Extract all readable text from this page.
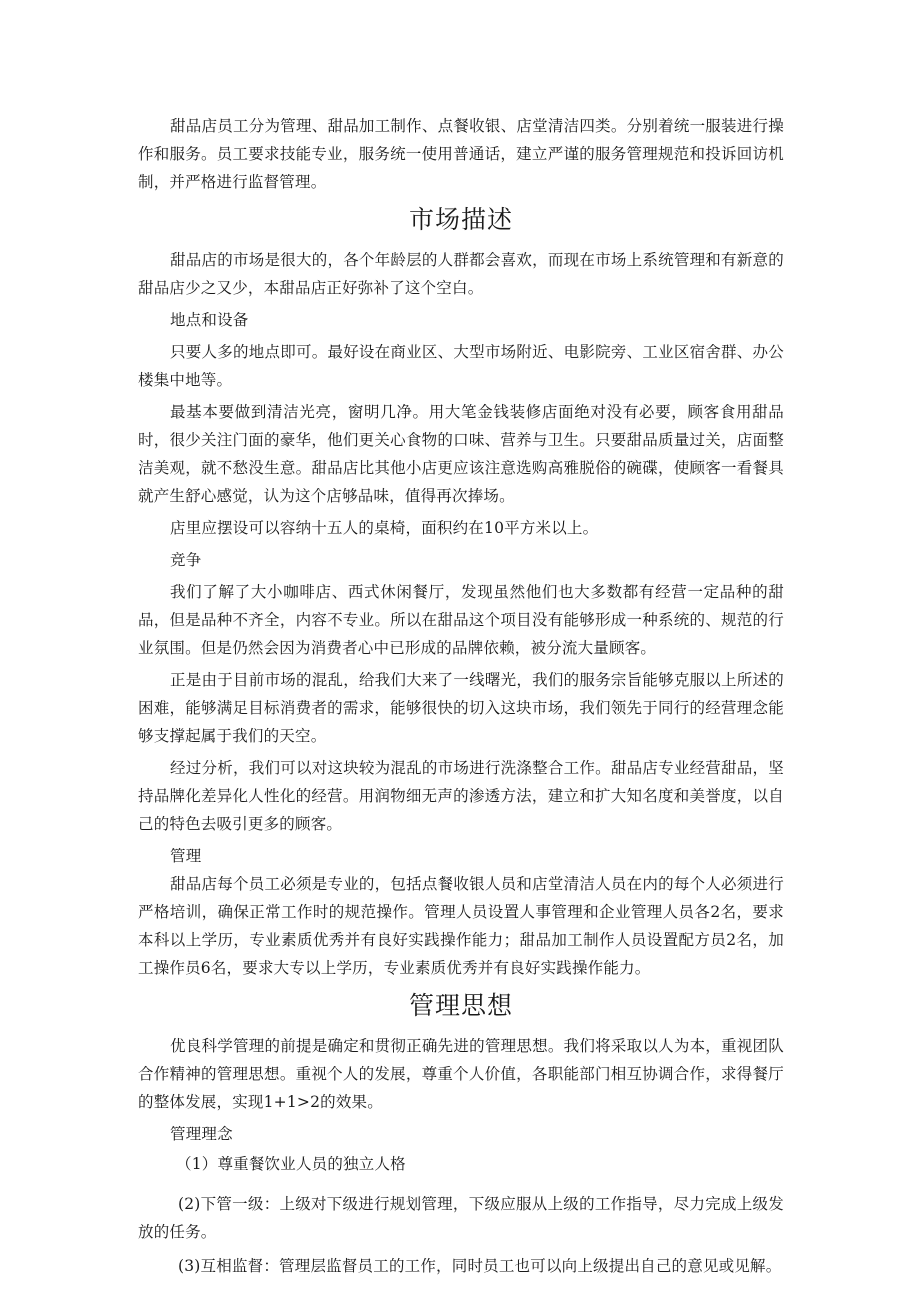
甜品店员工分为管理、甜品加工制作、点餐收银、店堂清洁四类。分别着统一服装进行操作和服务。员工要求技能专业，服务统一使用普通话，建立严谨的服务管理规范和投诉回访机制，并严格进行监督管理。

市场描述

甜品店的市场是很大的，各个年龄层的人群都会喜欢，而现在市场上系统管理和有新意的甜品店少之又少，本甜品店正好弥补了这个空白。

地点和设备

只要人多的地点即可。最好设在商业区、大型市场附近、电影院旁、工业区宿舍群、办公楼集中地等。

最基本要做到清洁光亮，窗明几净。用大笔金钱装修店面绝对没有必要，顾客食用甜品时，很少关注门面的豪华，他们更关心食物的口味、营养与卫生。只要甜品质量过关，店面整洁美观，就不愁没生意。甜品店比其他小店更应该注意选购高雅脱俗的碗碟，使顾客一看餐具就产生舒心感觉，认为这个店够品味，值得再次捧场。

店里应摆设可以容纳十五人的桌椅，面积约在10平方米以上。

竞争

我们了解了大小咖啡店、西式休闲餐厅，发现虽然他们也大多数都有经营一定品种的甜品，但是品种不齐全，内容不专业。所以在甜品这个项目没有能够形成一种系统的、规范的行业氛围。但是仍然会因为消费者心中已形成的品牌依赖，被分流大量顾客。

正是由于目前市场的混乱，给我们大来了一线曙光，我们的服务宗旨能够克服以上所述的困难，能够满足目标消费者的需求，能够很快的切入这块市场，我们领先于同行的经营理念能够支撑起属于我们的天空。

经过分析，我们可以对这块较为混乱的市场进行洗涤整合工作。甜品店专业经营甜品，坚持品牌化差异化人性化的经营。用润物细无声的渗透方法，建立和扩大知名度和美誉度，以自己的特色去吸引更多的顾客。

管理

甜品店每个员工必须是专业的，包括点餐收银人员和店堂清洁人员在内的每个人必须进行严格培训，确保正常工作时的规范操作。管理人员设置人事管理和企业管理人员各2名，要求本科以上学历，专业素质优秀并有良好实践操作能力；甜品加工制作人员设置配方员2名，加工操作员6名，要求大专以上学历，专业素质优秀并有良好实践操作能力。

管理思想

优良科学管理的前提是确定和贯彻正确先进的管理思想。我们将采取以人为本，重视团队合作精神的管理思想。重视个人的发展，尊重个人价值，各职能部门相互协调合作，求得餐厅的整体发展，实现1+1>2的效果。

管理理念

（1）尊重餐饮业人员的独立人格

(2)下管一级：上级对下级进行规划管理，下级应服从上级的工作指导，尽力完成上级发放的任务。

(3)互相监督：管理层监督员工的工作，同时员工也可以向上级提出自己的意见或见解。
